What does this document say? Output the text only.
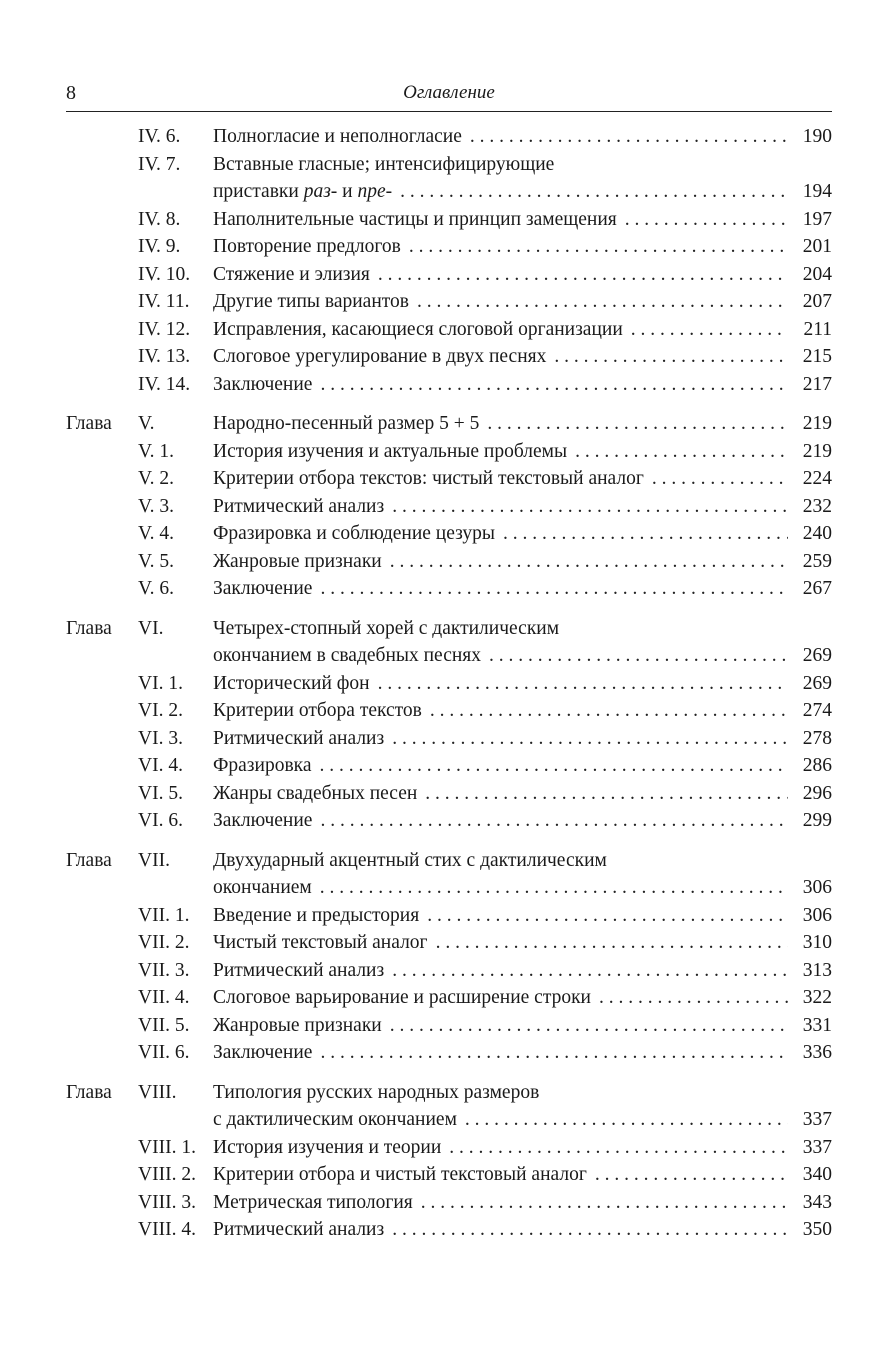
8	Оглавление
IV. 6. Полногласие и неполногласие . . .	190
IV. 7. Вставные гласные; интенсифицирующие
приставки раз- и пре- . . .	194
IV. 8. Наполнительные частицы и принцип замещения . . .	197
IV. 9. Повторение предлогов . . .	201
IV. 10. Стяжение и элизия . . .	204
IV. 11. Другие типы вариантов . . .	207
IV. 12. Исправления, касающиеся слоговой организации . . .	211
IV. 13. Слоговое урегулирование в двух песнях . . .	215
IV. 14. Заключение . . .	217
Глава V.	Народно-песенный размер 5 + 5 . . .	219
V. 1. История изучения и актуальные проблемы . . .	219
V. 2. Критерии отбора текстов: чистый текстовый аналог . . .	224
V. 3. Ритмический анализ . . .	232
V. 4. Фразировка и соблюдение цезуры . . .	240
V. 5. Жанровые признаки . . .	259
V. 6. Заключение . . .	267
Глава VI.	Четырех-стопный хорей с дактилическим
окончанием в свадебных песнях . . .	269
VI. 1. Исторический фон . . .	269
VI. 2. Критерии отбора текстов . . .	274
VI. 3. Ритмический анализ . . .	278
VI. 4. Фразировка . . .	286
VI. 5. Жанры свадебных песен . . .	296
VI. 6. Заключение . . .	299
Глава VII. Двухударный акцентный стих с дактилическим
окончанием . . .	306
VII. 1. Введение и предыстория . . .	306
VII. 2. Чистый текстовый аналог . . .	310
VII. 3. Ритмический анализ . . .	313
VII. 4. Слоговое варьирование и расширение строки . . .	322
VII. 5. Жанровые признаки . . .	331
VII. 6. Заключение . . .	336
Глава VIII. Типология русских народных размеров
с дактилическим окончанием . . .	337
VIII. 1. История изучения и теории . . .	337
VIII. 2. Критерии отбора и чистый текстовый аналог . . .	340
VIII. 3. Метрическая типология . . .	343
VIII. 4. Ритмический анализ . . .	350
